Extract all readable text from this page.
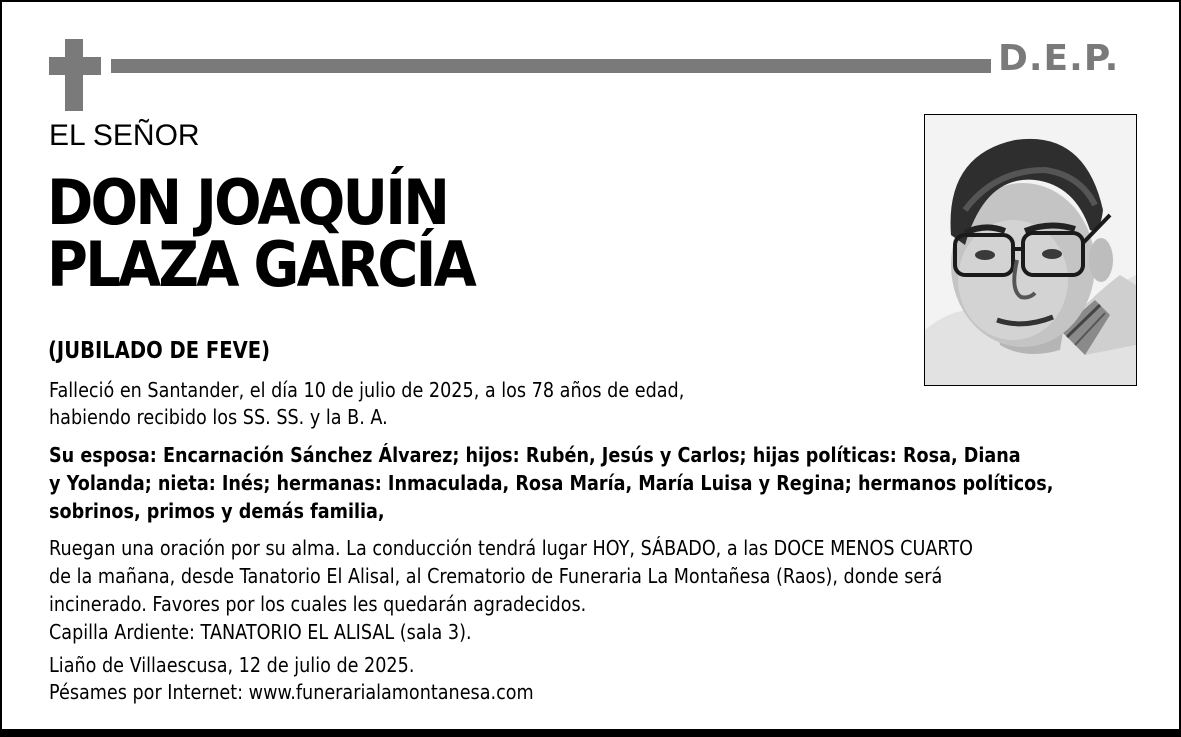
D.E.P.
EL SEÑOR
DON JOAQUÍN
PLAZA GARCÍA
(JUBILADO DE FEVE)
Falleció en Santander, el día 10 de julio de 2025, a los 78 años de edad,
habiendo recibido los SS. SS. y la B. A.
Su esposa: Encarnación Sánchez Álvarez; hijos: Rubén, Jesús y Carlos; hijas políticas: Rosa, Diana
y Yolanda; nieta: Inés; hermanas: Inmaculada, Rosa María, María Luisa y Regina; hermanos políticos,
sobrinos, primos y demás familia,
Ruegan una oración por su alma. La conducción tendrá lugar HOY, SÁBADO, a las DOCE MENOS CUARTO
de la mañana, desde Tanatorio El Alisal, al Crematorio de Funeraria La Montañesa (Raos), donde será
incinerado. Favores por los cuales les quedarán agradecidos.
Capilla Ardiente: TANATORIO EL ALISAL (sala 3).
Liaño de Villaescusa, 12 de julio de 2025.
Pésames por Internet: www.funerarialamontanesa.com
